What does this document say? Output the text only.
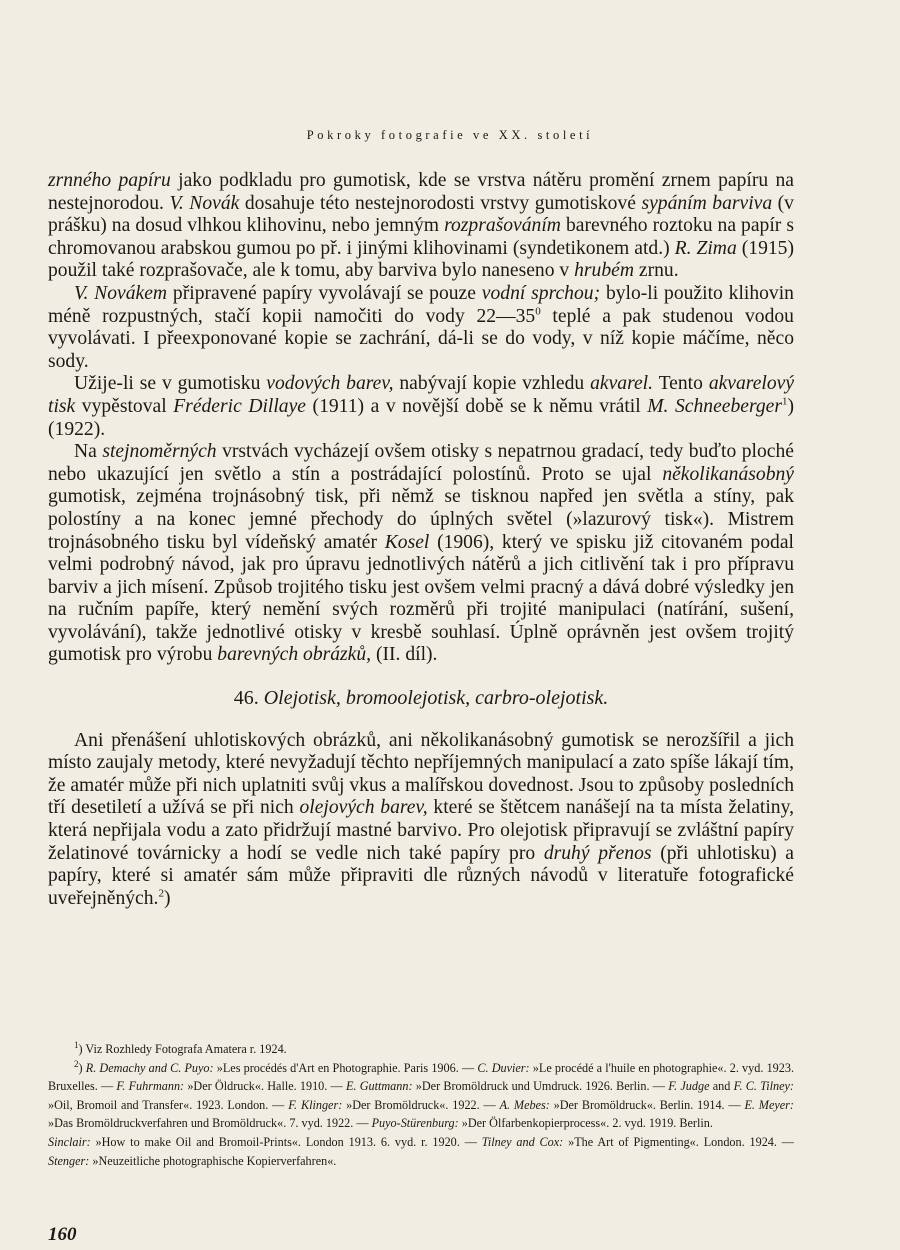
Pokroky fotografie ve XX. století

zrnného papíru jako podkladu pro gumotisk, kde se vrstva nátěru promění zrnem papíru na nestejnorodou. V. Novák dosahuje této nestejnorodosti vrstvy gumotiskové sypáním barviva (v prášku) na dosud vlhkou klihovinu, nebo jemným rozprašováním barevného roztoku na papír s chromovanou arabskou gumou po př. i jinými klihovinami (syndetikonem atd.) R. Zima (1915) použil také rozprašovače, ale k tomu, aby barviva bylo naneseno v hrubém zrnu.

V. Novákem připravené papíry vyvolávají se pouze vodní sprchou; bylo-li použito klihovin méně rozpustných, stačí kopii namočiti do vody $22—35^0$ teplé a pak studenou vodou vyvolávati. I přeexponované kopie se zachrání, dá-li se do vody, v níž kopie máčíme, něco sody.

Užije-li se v gumotisku vodových barev, nabývají kopie vzhledu akvarel. Tento akvarelový tisk vypěstoval Fréderic Dillaye (1911) a v novější době se k němu vrátil M. Schneeberger$^1$) (1922).

Na stejnoměrných vrstvách vycházejí ovšem otisky s nepatrnou gradací, tedy buďto ploché nebo ukazující jen světlo a stín a postrádající polostínů. Proto se ujal několikanásobný gumotisk, zejména trojnásobný tisk, při němž se tisknou napřed jen světla a stíny, pak polostíny a na konec jemné přechody do úplných světel (»lazurový tisk«). Mistrem trojnásobného tisku byl vídeňský amatér Kosel (1906), který ve spisku již citovaném podal velmi podrobný návod, jak pro úpravu jednotlivých nátěrů a jich citlivění tak i pro přípravu barviv a jich mísení. Způsob trojitého tisku jest ovšem velmi pracný a dává dobré výsledky jen na ručním papíře, který nemění svých rozměrů při trojité manipulaci (natírání, sušení, vyvolávání), takže jednotlivé otisky v kresbě souhlasí. Úplně oprávněn jest ovšem trojitý gumotisk pro výrobu barevných obrázků, (II. díl).

46. Olejotisk, bromoolejotisk, carbro-olejotisk.

Ani přenášení uhlotiskových obrázků, ani několikanásobný gumotisk se nerozšířil a jich místo zaujaly metody, které nevyžadují těchto nepříjemných manipulací a zato spíše lákají tím, že amatér může při nich uplatniti svůj vkus a malířskou dovednost. Jsou to způsoby posledních tří desetiletí a užívá se při nich olejových barev, které se štětcem nanášejí na ta místa želatiny, která nepřijala vodu a zato přidržují mastné barvivo. Pro olejotisk připravují se zvláštní papíry želatinové továrnicky a hodí se vedle nich také papíry pro druhý přenos (při uhlotisku) a papíry, které si amatér sám může připraviti dle různých návodů v literatuře fotografické uveřejněných.$^2$)

$^1$) Viz Rozhledy Fotografa Amatera r. 1924.

$^2$) R. Demachy and C. Puyo: »Les procédés d'Art en Photographie. Paris 1906. — C. Duvier: »Le procédé a l'huile en photographie«. 2. vyd. 1923. Bruxelles. — F. Fuhrmann: »Der Öldruck«. Halle. 1910. — E. Guttmann: »Der Bromöldruck und Umdruck. 1926. Berlin. — F. Judge and F. C. Tilney: »Oil, Bromoil and Transfer«. 1923. London. — F. Klinger: »Der Bromöldruck«. 1922. — A. Mebes: »Der Bromöldruck«. Berlin. 1914. — E. Meyer: »Das Bromöldruckverfahren und Bromöldruck«. 7. vyd. 1922. — Puyo-Stürenburg: »Der Ölfarbenkopierprocess«. 2. vyd. 1919. Berlin.

Sinclair: »How to make Oil and Bromoil-Prints«. London 1913. 6. vyd. r. 1920. — Tilney and Cox: »The Art of Pigmenting«. London. 1924. — Stenger: »Neuzeitliche photographische Kopierverfahren«.

160
